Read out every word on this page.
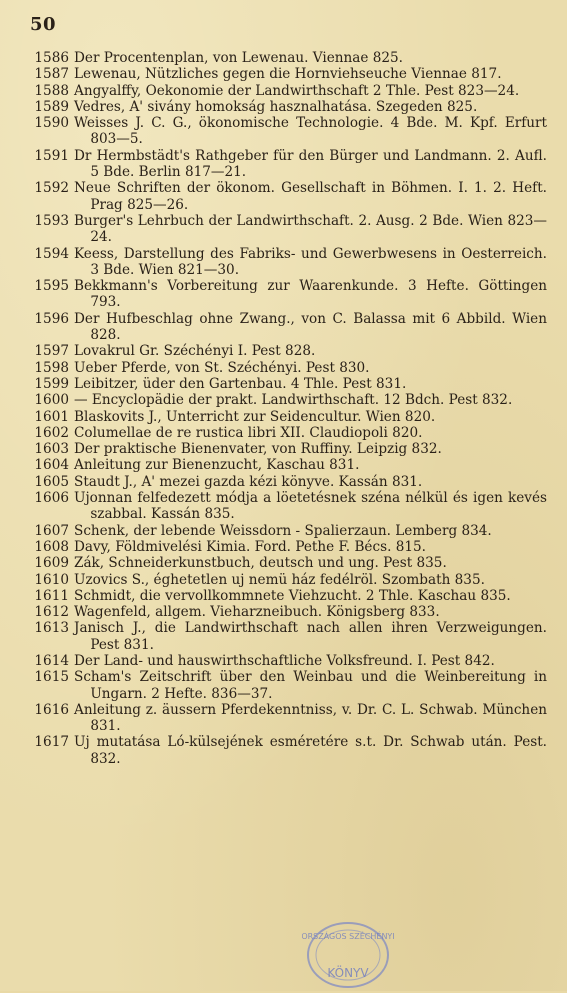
50
1586 Der Procentenplan, von Lewenau. Viennae 825.
1587 Lewenau, Nützliches gegen die Hornviehseuche Viennae 817.
1588 Angyalffy, Oekonomie der Landwirthschaft 2 Thle. Pest 823—24.
1589 Vedres, A' sivány homokság hasznalhatása. Szegeden 825.
1590 Weisses J. C. G., ökonomische Technologie. 4 Bde. M. Kpf. Erfurt 803—5.
1591 Dr Hermbstädt's Rathgeber für den Bürger und Landmann. 2. Aufl. 5 Bde. Berlin 817—21.
1592 Neue Schriften der ökonom. Gesellschaft in Böhmen. I. 1. 2. Heft. Prag 825—26.
1593 Burger's Lehrbuch der Landwirthschaft. 2. Ausg. 2 Bde. Wien 823—24.
1594 Keess, Darstellung des Fabriks- und Gewerbwesens in Oesterreich. 3 Bde. Wien 821—30.
1595 Bekkmann's Vorbereitung zur Waarenkunde. 3 Hefte. Göttingen 793.
1596 Der Hufbeschlag ohne Zwang., von C. Balassa mit 6 Abbild. Wien 828.
1597 Lovakrul Gr. Széchényi I. Pest 828.
1598 Ueber Pferde, von St. Széchényi. Pest 830.
1599 Leibitzer, üder den Gartenbau. 4 Thle. Pest 831.
1600 — Encyclopädie der prakt. Landwirthschaft. 12 Bdch. Pest 832.
1601 Blaskovits J., Unterricht zur Seidencultur. Wien 820.
1602 Columellae de re rustica libri XII. Claudiopoli 820.
1603 Der praktische Bienenvater, von Ruffiny. Leipzig 832.
1604 Anleitung zur Bienenzucht, Kaschau 831.
1605 Staudt J., A' mezei gazda kézi könyve. Kassán 831.
1606 Ujonnan felfedezett módja a löetetésnek széna nélkül és igen kevés szabbal. Kassán 835.
1607 Schenk, der lebende Weissdorn - Spalierzaun. Lemberg 834.
1608 Davy, Földmivelési Kimia. Ford. Pethe F. Bécs. 815.
1609 Zák, Schneiderkunstbuch, deutsch und ung. Pest 835.
1610 Uzovics S., éghetetlen uj nemü ház fedélröl. Szombath 835.
1611 Schmidt, die vervollkommnete Viehzucht. 2 Thle. Kaschau 835.
1612 Wagenfeld, allgem. Vieharzneibuch. Königsberg 833.
1613 Janisch J., die Landwirthschaft nach allen ihren Verzweigungen. Pest 831.
1614 Der Land- und hauswirthschaftliche Volksfreund. I. Pest 842.
1615 Scham's Zeitschrift über den Weinbau und die Weinbereitung in Ungarn. 2 Hefte. 836—37.
1616 Anleitung z. äussern Pferdekenntniss, v. Dr. C. L. Schwab. München 831.
1617 Uj mutatása Ló-külsejének esméretére s.t. Dr. Schwab után. Pest. 832.
ORSZÁGOS SZÉCHÉNYI
KÖNYV
